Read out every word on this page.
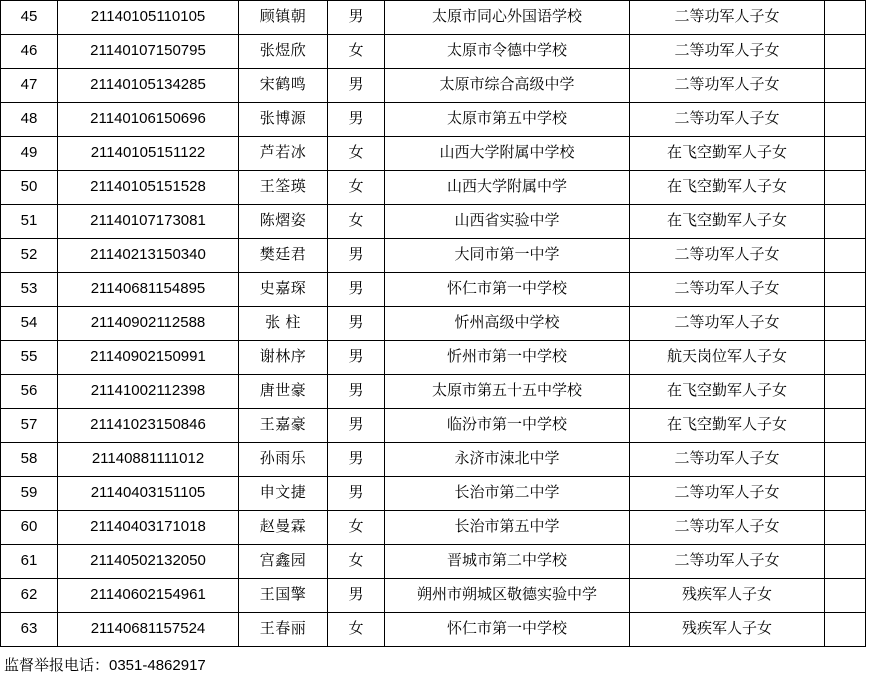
45	21140105110105	顾镇朝	男	太原市同心外国语学校	二等功军人子女	
46	21140107150795	张煜欣	女	太原市令德中学校	二等功军人子女	
47	21140105134285	宋鹤鸣	男	太原市综合高级中学	二等功军人子女	
48	21140106150696	张博源	男	太原市第五中学校	二等功军人子女	
49	21140105151122	芦若冰	女	山西大学附属中学校	在飞空勤军人子女	
50	21140105151528	王筌瑛	女	山西大学附属中学	在飞空勤军人子女	
51	21140107173081	陈熠姿	女	山西省实验中学	在飞空勤军人子女	
52	21140213150340	樊廷君	男	大同市第一中学	二等功军人子女	
53	21140681154895	史嘉琛	男	怀仁市第一中学校	二等功军人子女	
54	21140902112588	张 柱	男	忻州高级中学校	二等功军人子女	
55	21140902150991	谢林序	男	忻州市第一中学校	航天岗位军人子女	
56	21141002112398	唐世豪	男	太原市第五十五中学校	在飞空勤军人子女	
57	21141023150846	王嘉豪	男	临汾市第一中学校	在飞空勤军人子女	
58	21140881111012	孙雨乐	男	永济市涑北中学	二等功军人子女	
59	21140403151105	申文捷	男	长治市第二中学	二等功军人子女	
60	21140403171018	赵曼霖	女	长治市第五中学	二等功军人子女	
61	21140502132050	宫鑫园	女	晋城市第二中学校	二等功军人子女	
62	21140602154961	王国擎	男	朔州市朔城区敬德实验中学	残疾军人子女	
63	21140681157524	王春丽	女	怀仁市第一中学校	残疾军人子女	
监督举报电话：0351-4862917
